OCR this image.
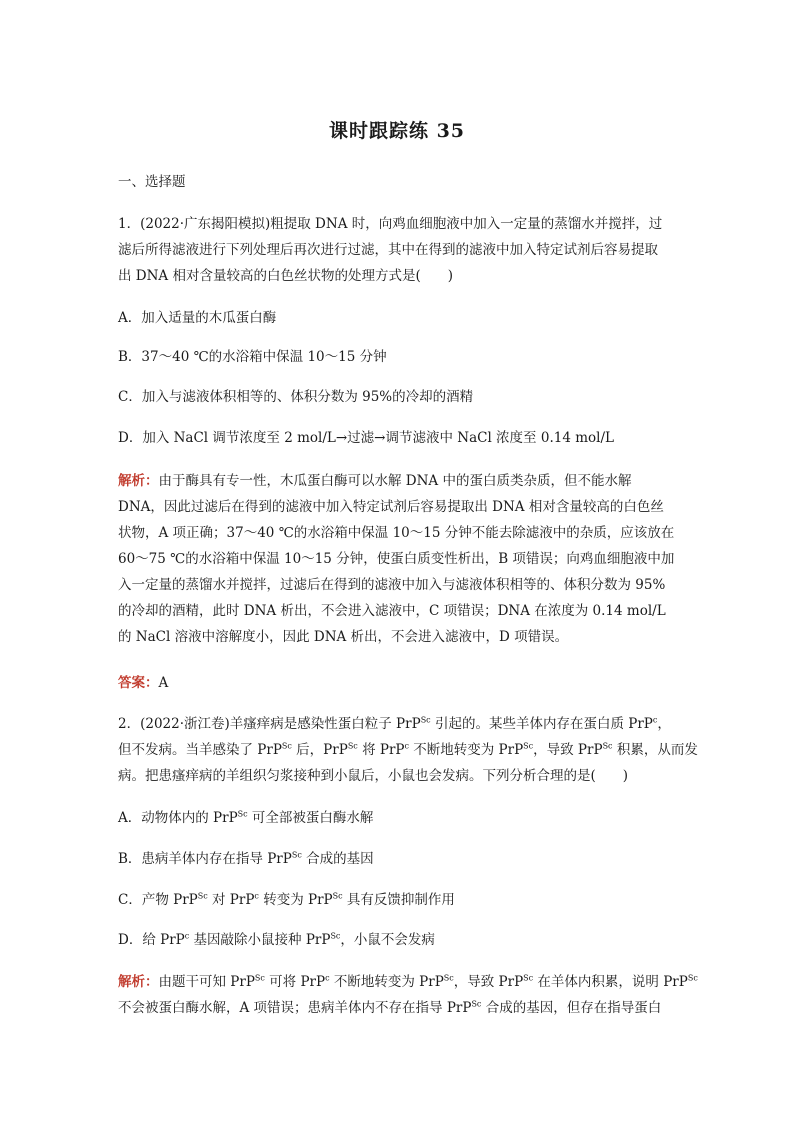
课时跟踪练 35
一、选择题
1．(2022·广东揭阳模拟)粗提取 DNA 时，向鸡血细胞液中加入一定量的蒸馏水并搅拌，过
滤后所得滤液进行下列处理后再次进行过滤，其中在得到的滤液中加入特定试剂后容易提取
出 DNA 相对含量较高的白色丝状物的处理方式是(　　)
A．加入适量的木瓜蛋白酶
B．37～40 ℃的水浴箱中保温 10～15 分钟
C．加入与滤液体积相等的、体积分数为 95%的冷却的酒精
D．加入 NaCl 调节浓度至 2 mol/L→过滤→调节滤液中 NaCl 浓度至 0.14 mol/L
解析：由于酶具有专一性，木瓜蛋白酶可以水解 DNA 中的蛋白质类杂质，但不能水解
DNA，因此过滤后在得到的滤液中加入特定试剂后容易提取出 DNA 相对含量较高的白色丝
状物，A 项正确；37～40 ℃的水浴箱中保温 10～15 分钟不能去除滤液中的杂质，应该放在
60～75 ℃的水浴箱中保温 10～15 分钟，使蛋白质变性析出，B 项错误；向鸡血细胞液中加
入一定量的蒸馏水并搅拌，过滤后在得到的滤液中加入与滤液体积相等的、体积分数为 95%
的冷却的酒精，此时 DNA 析出，不会进入滤液中，C 项错误；DNA 在浓度为 0.14 mol/L
的 NaCl 溶液中溶解度小，因此 DNA 析出，不会进入滤液中，D 项错误。
答案：A
2．(2022·浙江卷)羊瘙痒病是感染性蛋白粒子 PrP$^{Sc}$ 引起的。某些羊体内存在蛋白质 PrP$^c$，
但不发病。当羊感染了 PrP$^{Sc}$ 后，PrP$^{Sc}$ 将 PrP$^c$ 不断地转变为 PrP$^{Sc}$，导致 PrP$^{Sc}$ 积累，从而发
病。把患瘙痒病的羊组织匀浆接种到小鼠后，小鼠也会发病。下列分析合理的是(　　)
A．动物体内的 PrP$^{Sc}$ 可全部被蛋白酶水解
B．患病羊体内存在指导 PrP$^{Sc}$ 合成的基因
C．产物 PrP$^{Sc}$ 对 PrP$^c$ 转变为 PrP$^{Sc}$ 具有反馈抑制作用
D．给 PrP$^c$ 基因敲除小鼠接种 PrP$^{Sc}$，小鼠不会发病
解析：由题干可知 PrP$^{Sc}$ 可将 PrP$^c$ 不断地转变为 PrP$^{Sc}$，导致 PrP$^{Sc}$ 在羊体内积累，说明 PrP$^{Sc}$
不会被蛋白酶水解，A 项错误；患病羊体内不存在指导 PrP$^{Sc}$ 合成的基因，但存在指导蛋白
